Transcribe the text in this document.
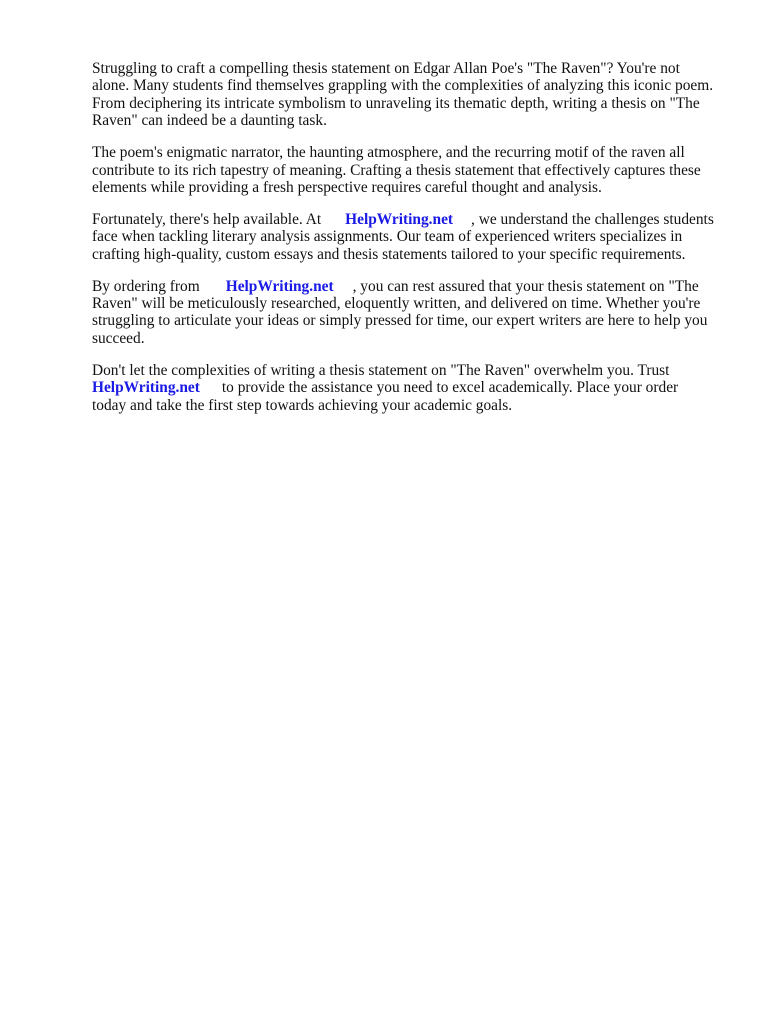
Struggling to craft a compelling thesis statement on Edgar Allan Poe's "The Raven"? You're not
alone. Many students find themselves grappling with the complexities of analyzing this iconic poem.
From deciphering its intricate symbolism to unraveling its thematic depth, writing a thesis on "The
Raven" can indeed be a daunting task.

The poem's enigmatic narrator, the haunting atmosphere, and the recurring motif of the raven all
contribute to its rich tapestry of meaning. Crafting a thesis statement that effectively captures these
elements while providing a fresh perspective requires careful thought and analysis.

Fortunately, there's help available. At HelpWriting.net , we understand the challenges students
face when tackling literary analysis assignments. Our team of experienced writers specializes in
crafting high-quality, custom essays and thesis statements tailored to your specific requirements.

By ordering from HelpWriting.net , you can rest assured that your thesis statement on "The
Raven" will be meticulously researched, eloquently written, and delivered on time. Whether you're
struggling to articulate your ideas or simply pressed for time, our expert writers are here to help you
succeed.

Don't let the complexities of writing a thesis statement on "The Raven" overwhelm you. Trust
HelpWriting.net to provide the assistance you need to excel academically. Place your order
today and take the first step towards achieving your academic goals.
